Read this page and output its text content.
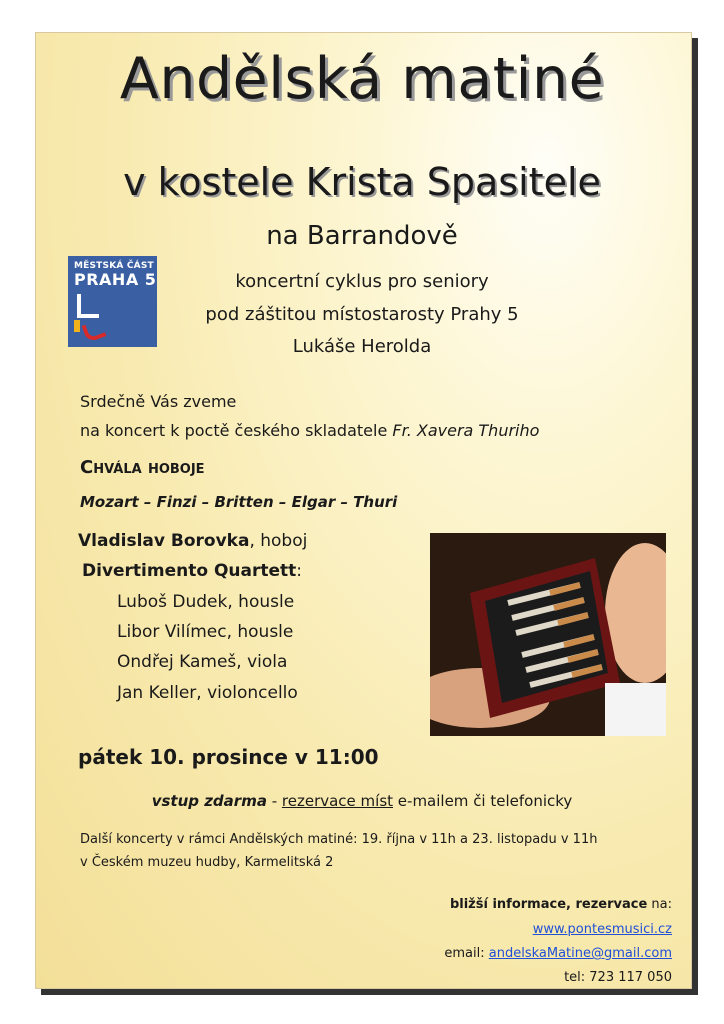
Andělská matiné
v kostele Krista Spasitele
na Barrandově
MĚSTSKÁ ČÁST
PRAHA 5	koncertní cyklus pro seniory
pod záštitou místostarosty Prahy 5
Lukáše Herolda
Srdečně Vás zveme
na koncert k poctě českého skladatele Fr. Xavera Thuriho
Chvála hoboje
Mozart – Finzi – Britten – Elgar – Thuri
Vladislav Borovka, hoboj
Divertimento Quartett:
Luboš Dudek, housle
Libor Vilímec, housle
Ondřej Kameš, viola
Jan Keller, violoncello
pátek 10. prosince v 11:00
vstup zdarma - rezervace míst e-mailem či telefonicky
Další koncerty v rámci Andělských matiné: 19. října v 11h a 23. listopadu v 11h
v Českém muzeu hudby, Karmelitská 2
bližší informace, rezervace na:
www.pontesmusici.cz
email: andelskaMatine@gmail.com
tel: 723 117 050
